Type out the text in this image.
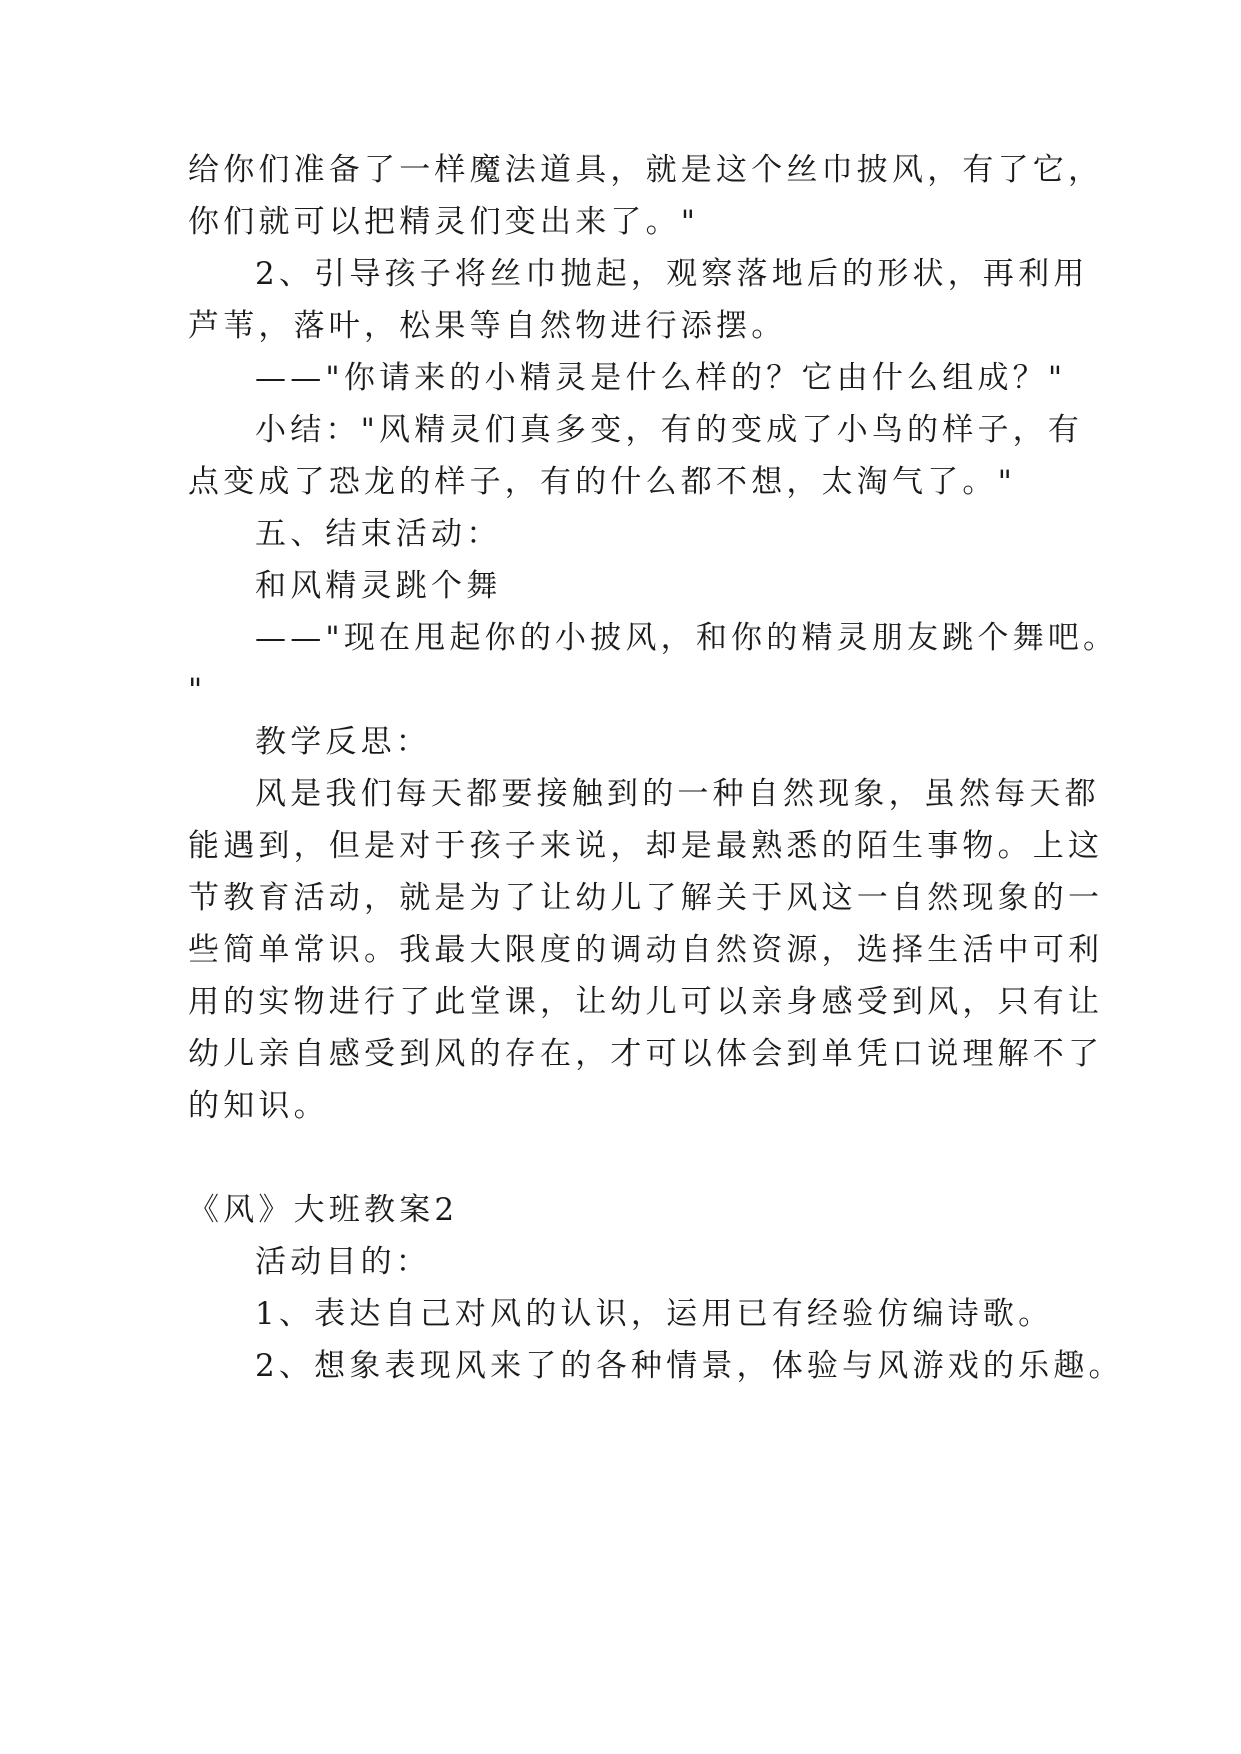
给你们准备了一样魔法道具，就是这个丝巾披风，有了它，
你们就可以把精灵们变出来了。"
2、引导孩子将丝巾抛起，观察落地后的形状，再利用
芦苇，落叶，松果等自然物进行添摆。
——"你请来的小精灵是什么样的？它由什么组成？"
小结："风精灵们真多变，有的变成了小鸟的样子，有
点变成了恐龙的样子，有的什么都不想，太淘气了。"
五、结束活动：
和风精灵跳个舞
——"现在甩起你的小披风，和你的精灵朋友跳个舞吧。
"
教学反思：
风是我们每天都要接触到的一种自然现象，虽然每天都
能遇到，但是对于孩子来说，却是最熟悉的陌生事物。上这
节教育活动，就是为了让幼儿了解关于风这一自然现象的一
些简单常识。我最大限度的调动自然资源，选择生活中可利
用的实物进行了此堂课，让幼儿可以亲身感受到风，只有让
幼儿亲自感受到风的存在，才可以体会到单凭口说理解不了
的知识。
《风》大班教案2
活动目的：
1、表达自己对风的认识，运用已有经验仿编诗歌。
2、想象表现风来了的各种情景，体验与风游戏的乐趣。
